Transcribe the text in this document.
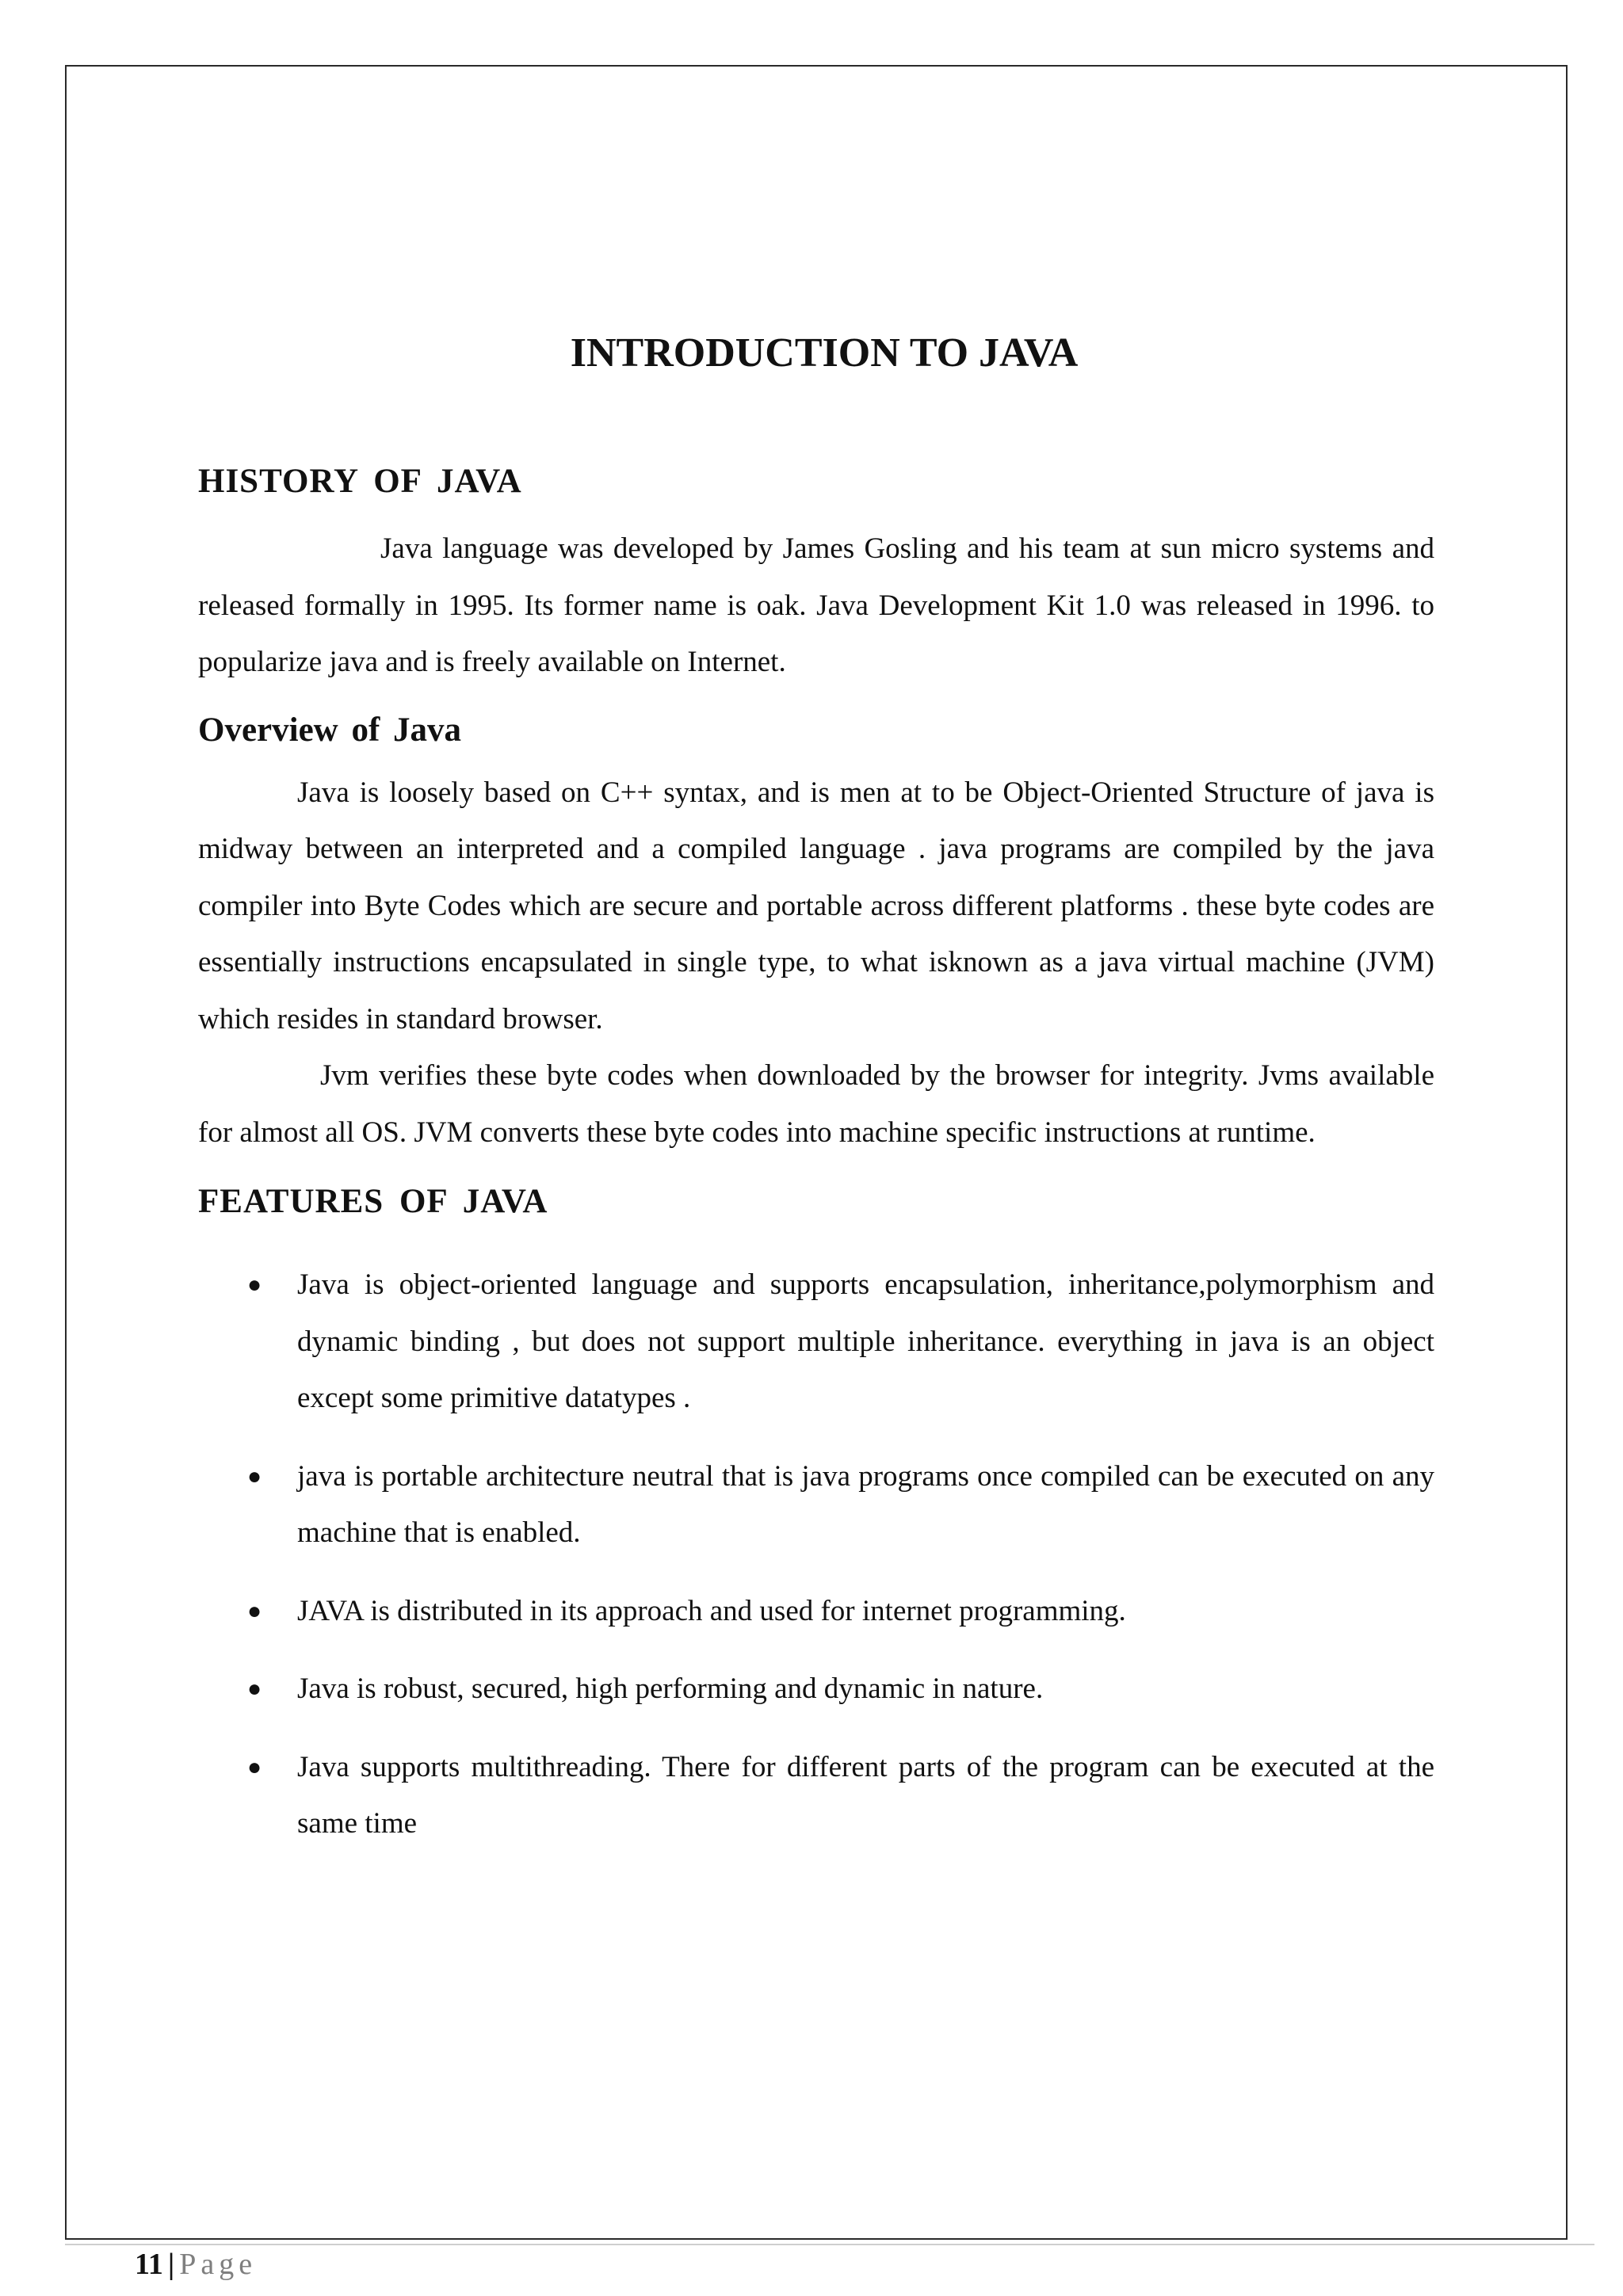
INTRODUCTION TO JAVA
HISTORY OF JAVA

Java language was developed by James Gosling and his team at sun micro systems and released formally in 1995. Its former name is oak. Java Development Kit 1.0 was released in 1996. to popularize java and is freely available on Internet.

Overview of Java

Java is loosely based on C++ syntax, and is men at to be Object-Oriented Structure of java is midway between an interpreted and a compiled language . java programs are compiled by the java compiler into Byte Codes which are secure and portable across different platforms . these byte codes are essentially instructions encapsulated in single type, to what isknown as a java virtual machine (JVM) which resides in standard browser.

Jvm verifies these byte codes when downloaded by the browser for integrity. Jvms available for almost all OS. JVM converts these byte codes into machine specific instructions at runtime.

FEATURES OF JAVA
● Java is object-oriented language and supports encapsulation, inheritance,polymorphism and dynamic binding , but does not support multiple inheritance. everything in java is an object except some primitive datatypes .
● java is portable architecture neutral that is java programs once compiled can be executed on any machine that is enabled.
● JAVA is distributed in its approach and used for internet programming.
● Java is robust, secured, high performing and dynamic in nature.
● Java supports multithreading. There for different parts of the program can be executed at the same time
11 | Page
